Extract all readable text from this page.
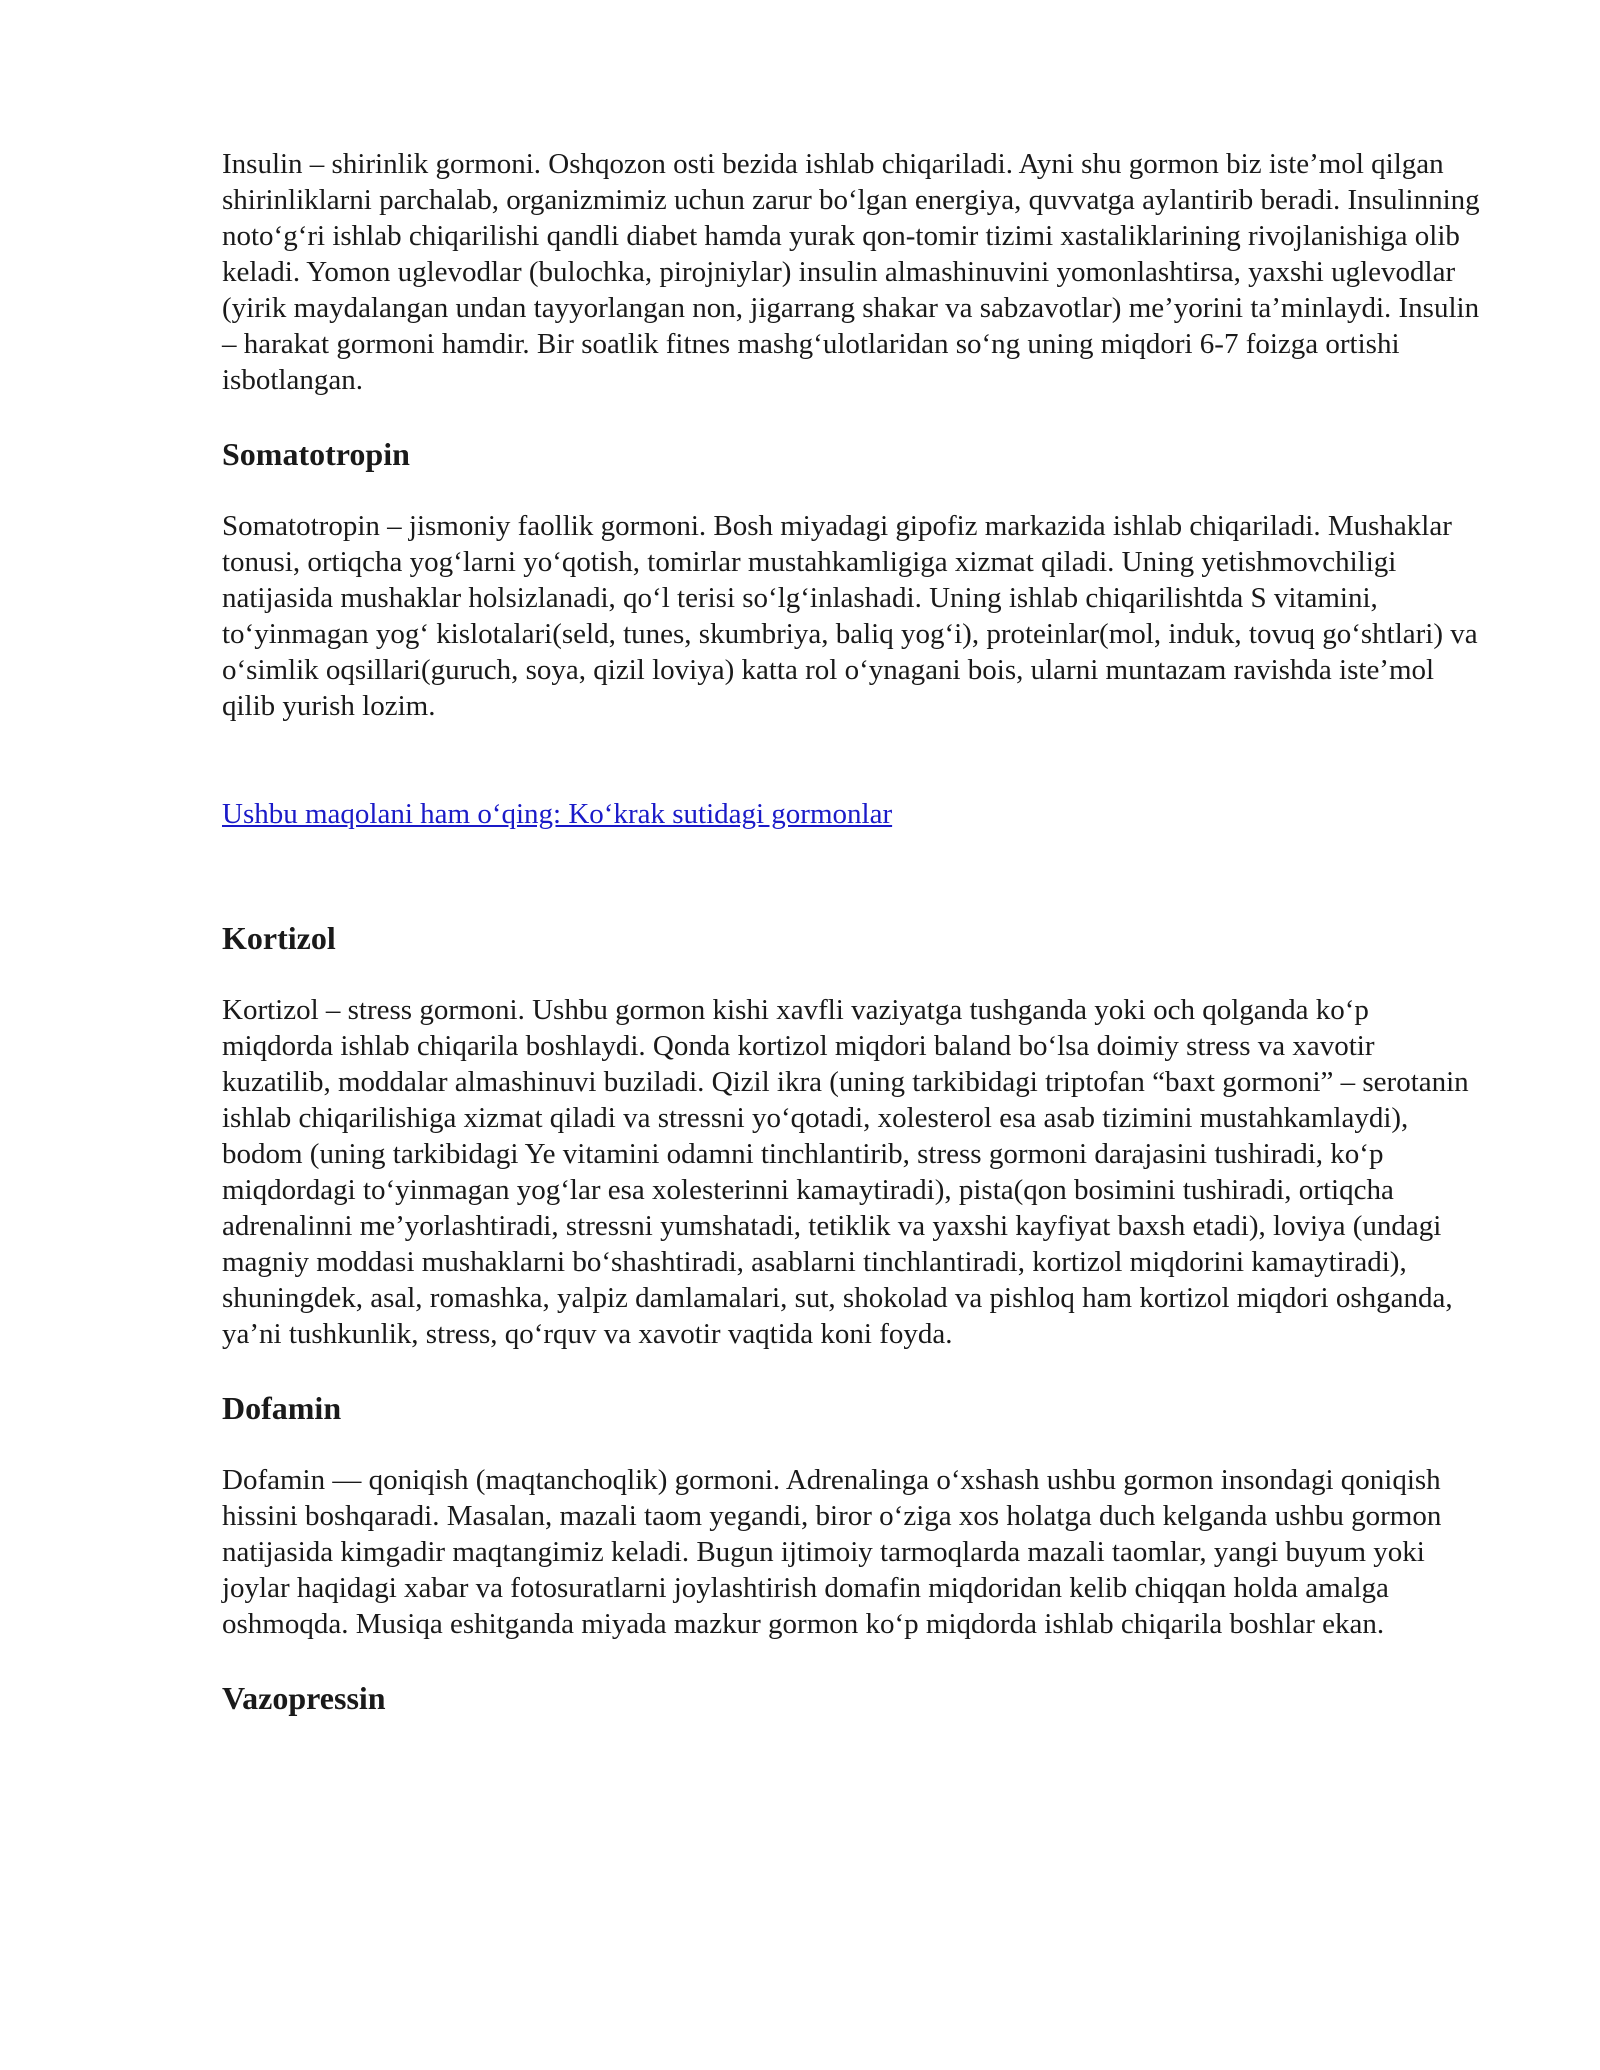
Insulin – shirinlik gormoni. Oshqozon osti bezida ishlab chiqariladi. Ayni shu gormon biz iste’mol qilgan shirinliklarni parchalab, organizmimiz uchun zarur bo‘lgan energiya, quvvatga aylantirib beradi. Insulinning noto‘g‘ri ishlab chiqarilishi qandli diabet hamda yurak qon-tomir tizimi xastaliklarining rivojlanishiga olib keladi. Yomon uglevodlar (bulochka, pirojniylar) insulin almashinuvini yomonlashtirsa, yaxshi uglevodlar (yirik maydalangan undan tayyorlangan non, jigarrang shakar va sabzavotlar) me’yorini ta’minlaydi. Insulin – harakat gormoni hamdir. Bir soatlik fitnes mashg‘ulotlaridan so‘ng uning miqdori 6-7 foizga ortishi isbotlangan.

Somatotropin

Somatotropin – jismoniy faollik gormoni. Bosh miyadagi gipofiz markazida ishlab chiqariladi. Mushaklar tonusi, ortiqcha yog‘larni yo‘qotish, tomirlar mustahkamligiga xizmat qiladi. Uning yetishmovchiligi natijasida mushaklar holsizlanadi, qo‘l terisi so‘lg‘inlashadi. Uning ishlab chiqarilishtda S vitamini, to‘yinmagan yog‘ kislotalari(seld, tunes, skumbriya, baliq yog‘i), proteinlar(mol, induk, tovuq go‘shtlari) va o‘simlik oqsillari(guruch, soya, qizil loviya) katta rol o‘ynagani bois, ularni muntazam ravishda iste’mol qilib yurish lozim.

Ushbu maqolani ham o‘qing: Ko‘krak sutidagi gormonlar
Kortizol

Kortizol – stress gormoni. Ushbu gormon kishi xavfli vaziyatga tushganda yoki och qolganda ko‘p miqdorda ishlab chiqarila boshlaydi. Qonda kortizol miqdori baland bo‘lsa doimiy stress va xavotir kuzatilib, moddalar almashinuvi buziladi. Qizil ikra (uning tarkibidagi triptofan “baxt gormoni” – serotanin ishlab chiqarilishiga xizmat qiladi va stressni yo‘qotadi, xolesterol esa asab tizimini mustahkamlaydi), bodom (uning tarkibidagi Ye vitamini odamni tinchlantirib, stress gormoni darajasini tushiradi, ko‘p miqdordagi to‘yinmagan yog‘lar esa xolesterinni kamaytiradi), pista(qon bosimini tushiradi, ortiqcha adrenalinni me’yorlashtiradi, stressni yumshatadi, tetiklik va yaxshi kayfiyat baxsh etadi), loviya (undagi magniy moddasi mushaklarni bo‘shashtiradi, asablarni tinchlantiradi, kortizol miqdorini kamaytiradi), shuningdek, asal, romashka, yalpiz damlamalari, sut, shokolad va pishloq ham kortizol miqdori oshganda, ya’ni tushkunlik, stress, qo‘rquv va xavotir vaqtida koni foyda.

Dofamin

Dofamin — qoniqish (maqtanchoqlik) gormoni. Adrenalinga o‘xshash ushbu gormon insondagi qoniqish hissini boshqaradi. Masalan, mazali taom yegandi, biror o‘ziga xos holatga duch kelganda ushbu gormon natijasida kimgadir maqtangimiz keladi. Bugun ijtimoiy tarmoqlarda mazali taomlar, yangi buyum yoki joylar haqidagi xabar va fotosuratlarni joylashtirish domafin miqdoridan kelib chiqqan holda amalga oshmoqda. Musiqa eshitganda miyada mazkur gormon ko‘p miqdorda ishlab chiqarila boshlar ekan.

Vazopressin
